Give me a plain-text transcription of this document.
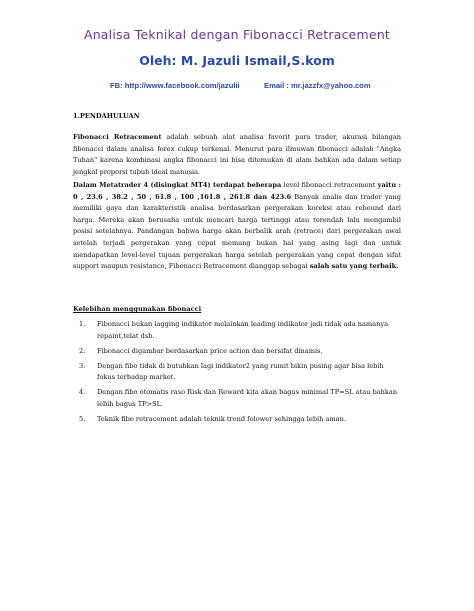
Analisa Teknikal dengan Fibonacci Retracement
Oleh: M. Jazuli Ismail,S.kom
FB: http://www.facebook.com/jazulii	Email : mr.jazzfx@yahoo.com
1.PENDAHULUAN
Fibonacci Retracement adalah sebuah alat analisa favorit para trader, akurasi bilangan fibonacci dalam analisa forex cukup terkenal. Menurut para ilmuwan fibonacci adalah "Angka Tuhan" karena kombinasi angka fibonacci ini bisa ditemukan di alam bahkan ada dalam setiap jengkal proporsi tubuh ideal manusia.
Dalam Metatrader 4 (disingkat MT4) terdapat beberapa level fibonacci retracement yaitu : 0 , 23.6 , 38.2 , 50 , 61.8 , 100 ,161.8 , 261.8 dan 423.6 Banyak analis dan trader yang memiliki gaya dan karakteristik analisa berdasarkan pergerakan koreksi atau rebound dari harga. Mereka akan berusaha untuk mencari harga tertinggi atau terendah lalu mengambil posisi setelahnya. Pandangan bahwa harga akan berbalik arah (retrace) dari pergerakan awal setelah terjadi pergerakan yang cepat memang bukan hal yang asing lagi dan untuk mendapatkan level-level tujuan pergerakan harga setelah pergerakan yang cepat dengan sifat support maupun resistance, Fibonacci Retracement dianggap sebagai salah satu yang terbaik.
Kelebihan menggunakan fibonacci
1. Fibonacci bukan lagging indikator melainkan leading indikator jadi tidak ada namanya repaint,telat dsb.
2. Fibonacci digambar berdasarkan price action dan bersifat dinamis.
3. Dengan fibo tidak di butuhkan lagi indikator2 yang rumit bikin pusing agar bisa lebih fokus terhadap market.
4. Dengan fibo otomatis raso Risk dan Reward kita akan bagus minimal TP=SL atau bahkan lebih bagus TP>SL.
5. Teknik fibo retracement adalah teknik trend folower sehingga lebih aman.
